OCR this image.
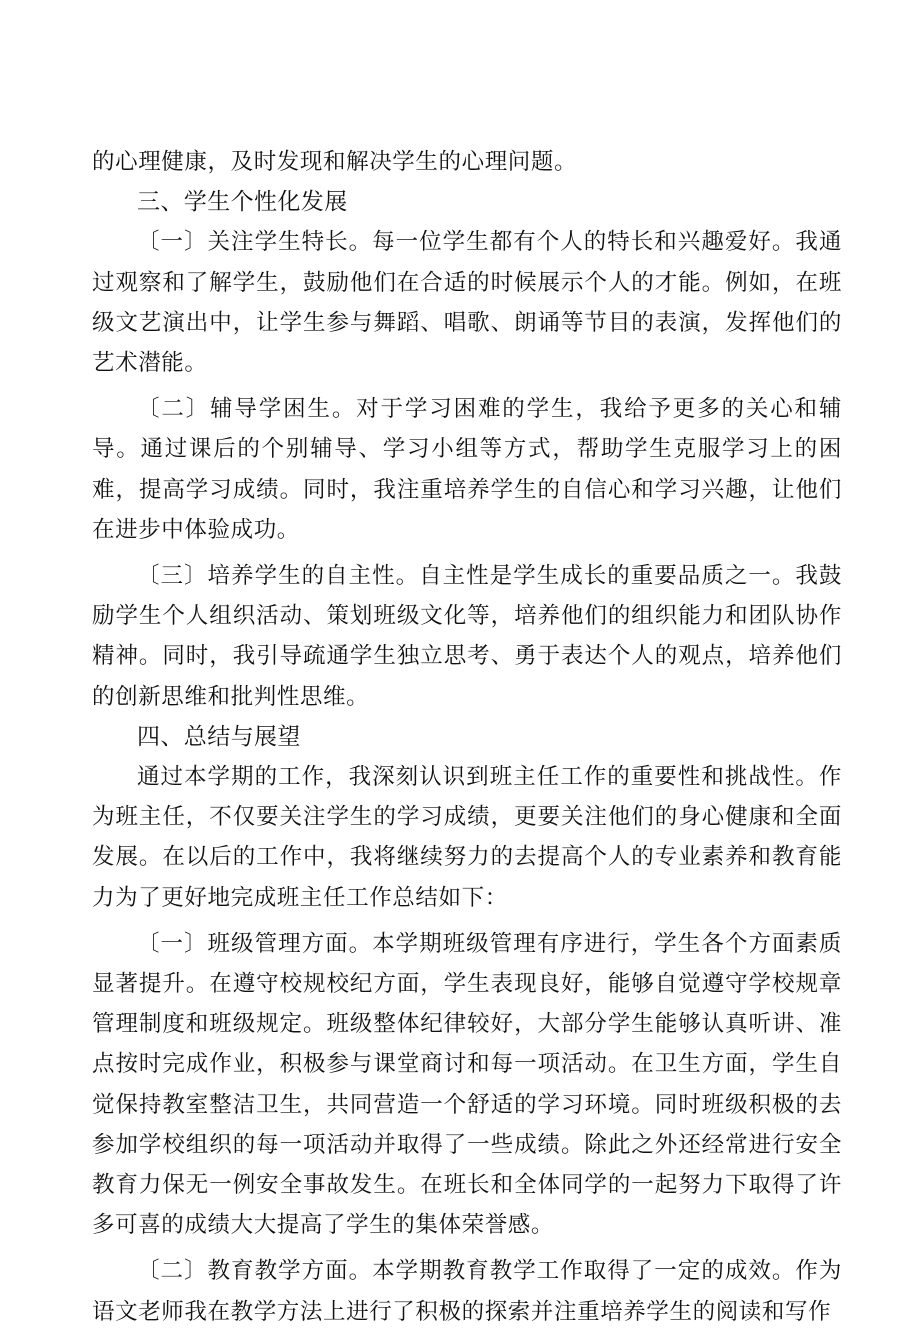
的心理健康，及时发现和解决学生的心理问题。

三、学生个性化发展

〔一〕关注学生特长。每一位学生都有个人的特长和兴趣爱好。我通过观察和了解学生，鼓励他们在合适的时候展示个人的才能。例如，在班级文艺演出中，让学生参与舞蹈、唱歌、朗诵等节目的表演，发挥他们的艺术潜能。

〔二〕辅导学困生。对于学习困难的学生，我给予更多的关心和辅导。通过课后的个别辅导、学习小组等方式，帮助学生克服学习上的困难，提高学习成绩。同时，我注重培养学生的自信心和学习兴趣，让他们在进步中体验成功。

〔三〕培养学生的自主性。自主性是学生成长的重要品质之一。我鼓励学生个人组织活动、策划班级文化等，培养他们的组织能力和团队协作精神。同时，我引导疏通学生独立思考、勇于表达个人的观点，培养他们的创新思维和批判性思维。

四、总结与展望

通过本学期的工作，我深刻认识到班主任工作的重要性和挑战性。作为班主任，不仅要关注学生的学习成绩，更要关注他们的身心健康和全面发展。在以后的工作中，我将继续努力的去提高个人的专业素养和教育能力为了更好地完成班主任工作总结如下：

〔一〕班级管理方面。本学期班级管理有序进行，学生各个方面素质显著提升。在遵守校规校纪方面，学生表现良好，能够自觉遵守学校规章管理制度和班级规定。班级整体纪律较好，大部分学生能够认真听讲、准点按时完成作业，积极参与课堂商讨和每一项活动。在卫生方面，学生自觉保持教室整洁卫生，共同营造一个舒适的学习环境。同时班级积极的去参加学校组织的每一项活动并取得了一些成绩。除此之外还经常进行安全教育力保无一例安全事故发生。在班长和全体同学的一起努力下取得了许多可喜的成绩大大提高了学生的集体荣誉感。

〔二〕教育教学方面。本学期教育教学工作取得了一定的成效。作为语文老师我在教学方法上进行了积极的探索并注重培养学生的阅读和写作
